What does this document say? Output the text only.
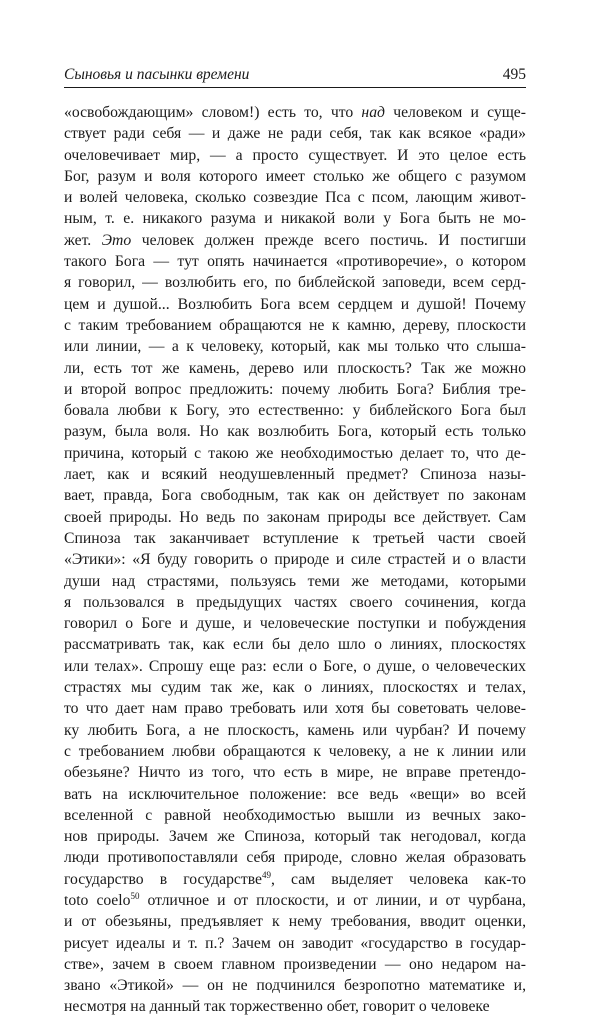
Сыновья и пасынки времени	495
«освобождающим» словом!) есть то, что над человеком и суще-
ствует ради себя — и даже не ради себя, так как всякое «ради»
очеловечивает мир, — а просто существует. И это целое есть
Бог, разум и воля которого имеет столько же общего с разумом
и волей человека, сколько созвездие Пса с псом, лающим живот-
ным, т. е. никакого разума и никакой воли у Бога быть не мо-
жет. Это человек должен прежде всего постичь. И постигши
такого Бога — тут опять начинается «противоречие», о котором
я говорил, — возлюбить его, по библейской заповеди, всем серд-
цем и душой... Возлюбить Бога всем сердцем и душой! Почему
с таким требованием обращаются не к камню, дереву, плоскости
или линии, — а к человеку, который, как мы только что слыша-
ли, есть тот же камень, дерево или плоскость? Так же можно
и второй вопрос предложить: почему любить Бога? Библия тре-
бовала любви к Богу, это естественно: у библейского Бога был
разум, была воля. Но как возлюбить Бога, который есть только
причина, который с такою же необходимостью делает то, что де-
лает, как и всякий неодушевленный предмет? Спиноза назы-
вает, правда, Бога свободным, так как он действует по законам
своей природы. Но ведь по законам природы все действует. Сам
Спиноза так заканчивает вступление к третьей части своей
«Этики»: «Я буду говорить о природе и силе страстей и о власти
души над страстями, пользуясь теми же методами, которыми
я пользовался в предыдущих частях своего сочинения, когда
говорил о Боге и душе, и человеческие поступки и побуждения
рассматривать так, как если бы дело шло о линиях, плоскостях
или телах». Спрошу еще раз: если о Боге, о душе, о человеческих
страстях мы судим так же, как о линиях, плоскостях и телах,
то что дает нам право требовать или хотя бы советовать челове-
ку любить Бога, а не плоскость, камень или чурбан? И почему
с требованием любви обращаются к человеку, а не к линии или
обезьяне? Ничто из того, что есть в мире, не вправе претендо-
вать на исключительное положение: все ведь «вещи» во всей
вселенной с равной необходимостью вышли из вечных зако-
нов природы. Зачем же Спиноза, который так негодовал, когда
люди противопоставляли себя природе, словно желая образовать
государство в государстве$^{49}$, сам выделяет человека как-то
toto coelo$^{50}$ отличное и от плоскости, и от линии, и от чурбана,
и от обезьяны, предъявляет к нему требования, вводит оценки,
рисует идеалы и т. п.? Зачем он заводит «государство в государ-
стве», зачем в своем главном произведении — оно недаром на-
звано «Этикой» — он не подчинился безропотно математике и,
несмотря на данный так торжественно обет, говорит о человеке
